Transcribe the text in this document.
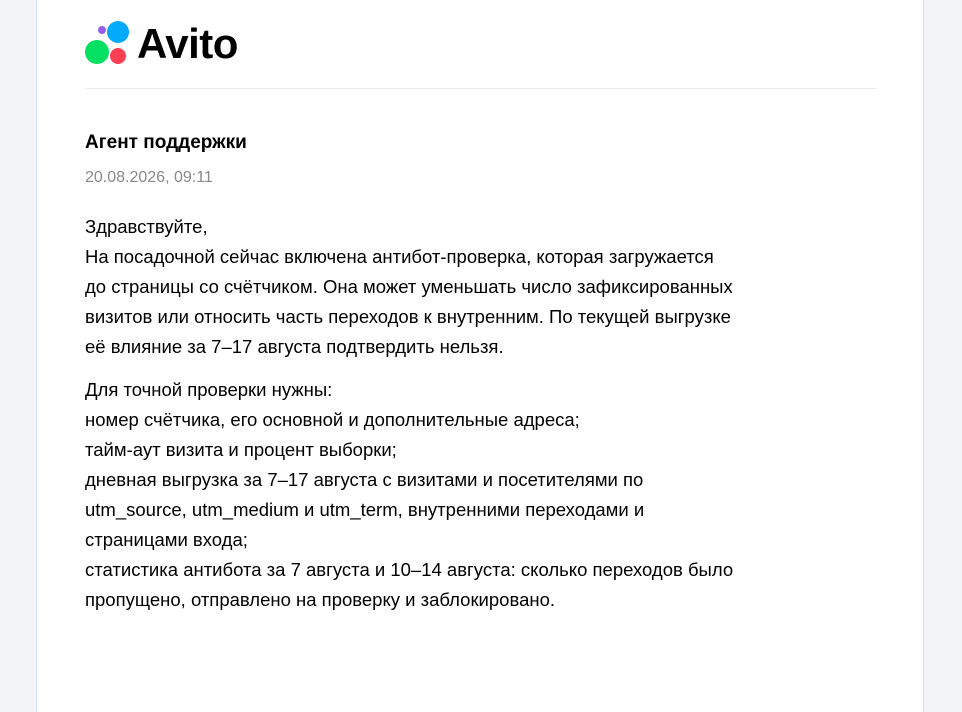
Avito
Агент поддержки
20.08.2026, 09:11

Здравствуйте,
На посадочной сейчас включена антибот-проверка, которая загружается
до страницы со счётчиком. Она может уменьшать число зафиксированных
визитов или относить часть переходов к внутренним. По текущей выгрузке
её влияние за 7–17 августа подтвердить нельзя.

Для точной проверки нужны:
номер счётчика, его основной и дополнительные адреса;
тайм-аут визита и процент выборки;
дневная выгрузка за 7–17 августа с визитами и посетителями по
utm_source, utm_medium и utm_term, внутренними переходами и
страницами входа;
статистика антибота за 7 августа и 10–14 августа: сколько переходов было
пропущено, отправлено на проверку и заблокировано.
